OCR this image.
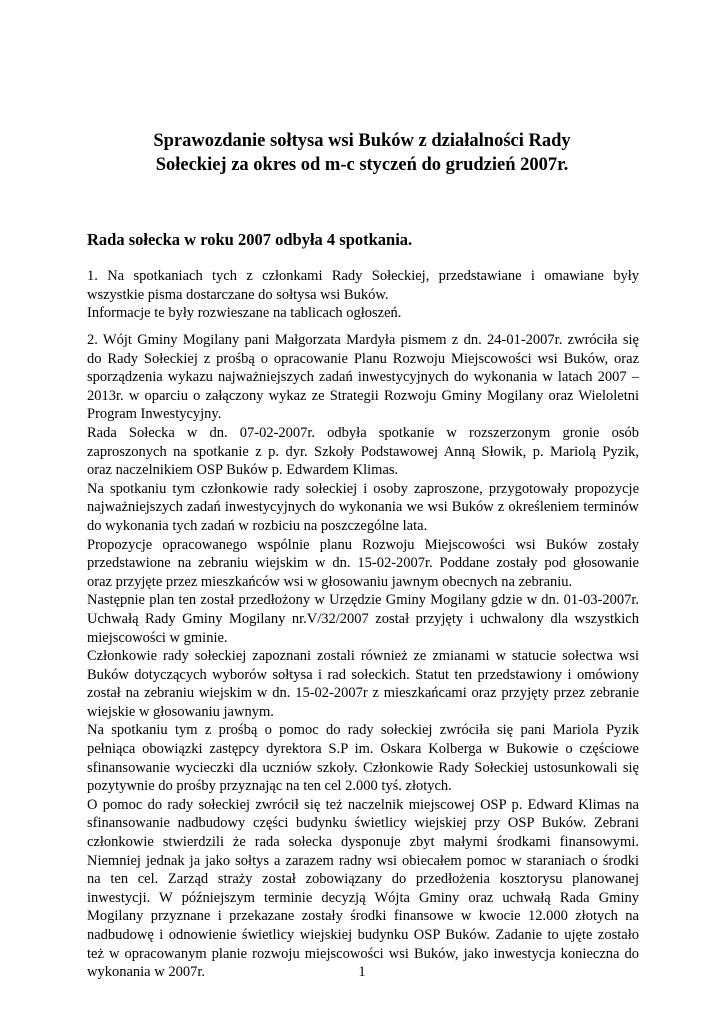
Sprawozdanie sołtysa wsi Buków z działalności Rady
Sołeckiej za okres od m-c styczeń do grudzień 2007r.
Rada sołecka w roku 2007 odbyła 4 spotkania.
1. Na spotkaniach tych z członkami Rady Sołeckiej, przedstawiane i omawiane były
wszystkie pisma dostarczane do sołtysa wsi Buków.
Informacje te były rozwieszane na tablicach ogłoszeń.
2. Wójt Gminy Mogilany pani Małgorzata Mardyła pismem z dn. 24-01-2007r. zwróciła się
do Rady Sołeckiej z prośbą o opracowanie Planu Rozwoju Miejscowości wsi Buków, oraz
sporządzenia wykazu najważniejszych zadań inwestycyjnych do wykonania w latach 2007 –
2013r. w oparciu o załączony wykaz ze Strategii Rozwoju Gminy Mogilany oraz Wieloletni
Program Inwestycyjny.
Rada Sołecka w dn. 07-02-2007r. odbyła spotkanie w rozszerzonym gronie osób
zaproszonych na spotkanie z p. dyr. Szkoły Podstawowej Anną Słowik, p. Mariolą Pyzik,
oraz naczelnikiem OSP Buków p. Edwardem Klimas.
Na spotkaniu tym członkowie rady sołeckiej i osoby zaproszone, przygotowały propozycje
najważniejszych zadań inwestycyjnych do wykonania we wsi Buków z określeniem terminów
do wykonania tych zadań w rozbiciu na poszczególne lata.
Propozycje opracowanego wspólnie planu Rozwoju Miejscowości wsi Buków zostały
przedstawione na zebraniu wiejskim w dn. 15-02-2007r. Poddane zostały pod głosowanie
oraz przyjęte przez mieszkańców wsi w głosowaniu jawnym obecnych na zebraniu.
Następnie plan ten został przedłożony w Urzędzie Gminy Mogilany gdzie w dn. 01-03-2007r.
Uchwałą Rady Gminy Mogilany nr.V/32/2007 został przyjęty i uchwalony dla wszystkich
miejscowości w gminie.
Członkowie rady sołeckiej zapoznani zostali również ze zmianami w statucie sołectwa wsi
Buków dotyczących wyborów sołtysa i rad sołeckich. Statut ten przedstawiony i omówiony
został na zebraniu wiejskim w dn. 15-02-2007r z mieszkańcami oraz przyjęty przez zebranie
wiejskie w głosowaniu jawnym.
Na spotkaniu tym z prośbą o pomoc do rady sołeckiej zwróciła się pani Mariola Pyzik
pełniąca obowiązki zastępcy dyrektora S.P im. Oskara Kolberga w Bukowie o częściowe
sfinansowanie wycieczki dla uczniów szkoły. Członkowie Rady Sołeckiej ustosunkowali się
pozytywnie do prośby przyznając na ten cel 2.000 tyś. złotych.
O pomoc do rady sołeckiej zwrócił się też naczelnik miejscowej OSP p. Edward Klimas na
sfinansowanie nadbudowy części budynku świetlicy wiejskiej przy OSP Buków. Zebrani
członkowie stwierdzili że rada sołecka dysponuje zbyt małymi środkami finansowymi.
Niemniej jednak ja jako sołtys a zarazem radny wsi obiecałem pomoc w staraniach o środki
na ten cel. Zarząd straży został zobowiązany do przedłożenia kosztorysu planowanej
inwestycji. W późniejszym terminie decyzją Wójta Gminy oraz uchwałą Rada Gminy
Mogilany przyznane i przekazane zostały środki finansowe w kwocie 12.000 złotych na
nadbudowę i odnowienie świetlicy wiejskiej budynku OSP Buków. Zadanie to ujęte zostało
też w opracowanym planie rozwoju miejscowości wsi Buków, jako inwestycja konieczna do
wykonania w 2007r.	1
